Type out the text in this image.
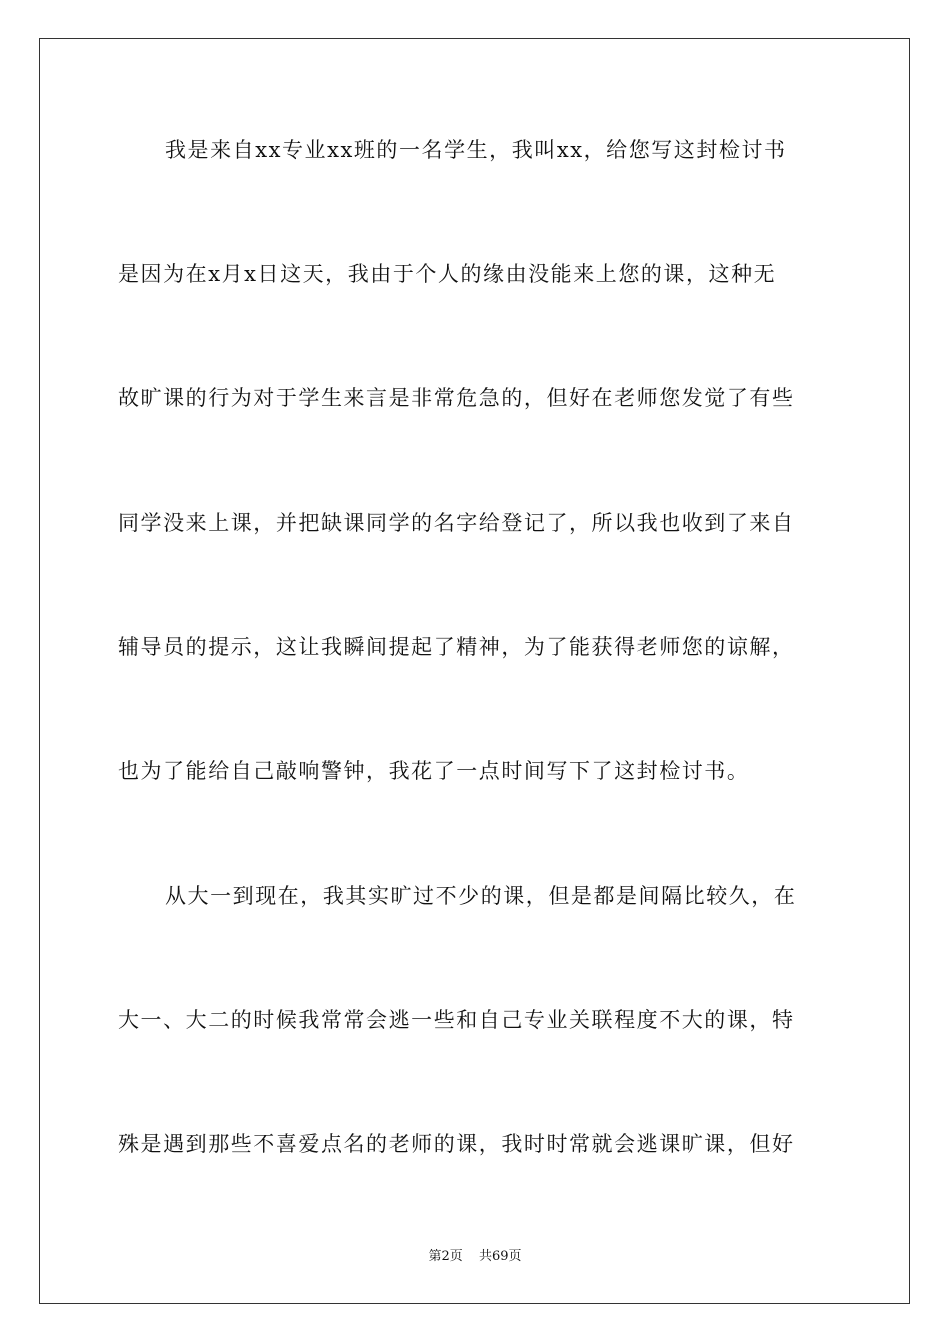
我是来自xx专业xx班的一名学生，我叫xx，给您写这封检讨书
是因为在x月x日这天，我由于个人的缘由没能来上您的课，这种无
故旷课的行为对于学生来言是非常危急的，但好在老师您发觉了有些
同学没来上课，并把缺课同学的名字给登记了，所以我也收到了来自
辅导员的提示，这让我瞬间提起了精神，为了能获得老师您的谅解，
也为了能给自己敲响警钟，我花了一点时间写下了这封检讨书。
从大一到现在，我其实旷过不少的课，但是都是间隔比较久，在
大一、大二的时候我常常会逃一些和自己专业关联程度不大的课，特
殊是遇到那些不喜爱点名的老师的课，我时时常就会逃课旷课，但好
第2页 共69页
